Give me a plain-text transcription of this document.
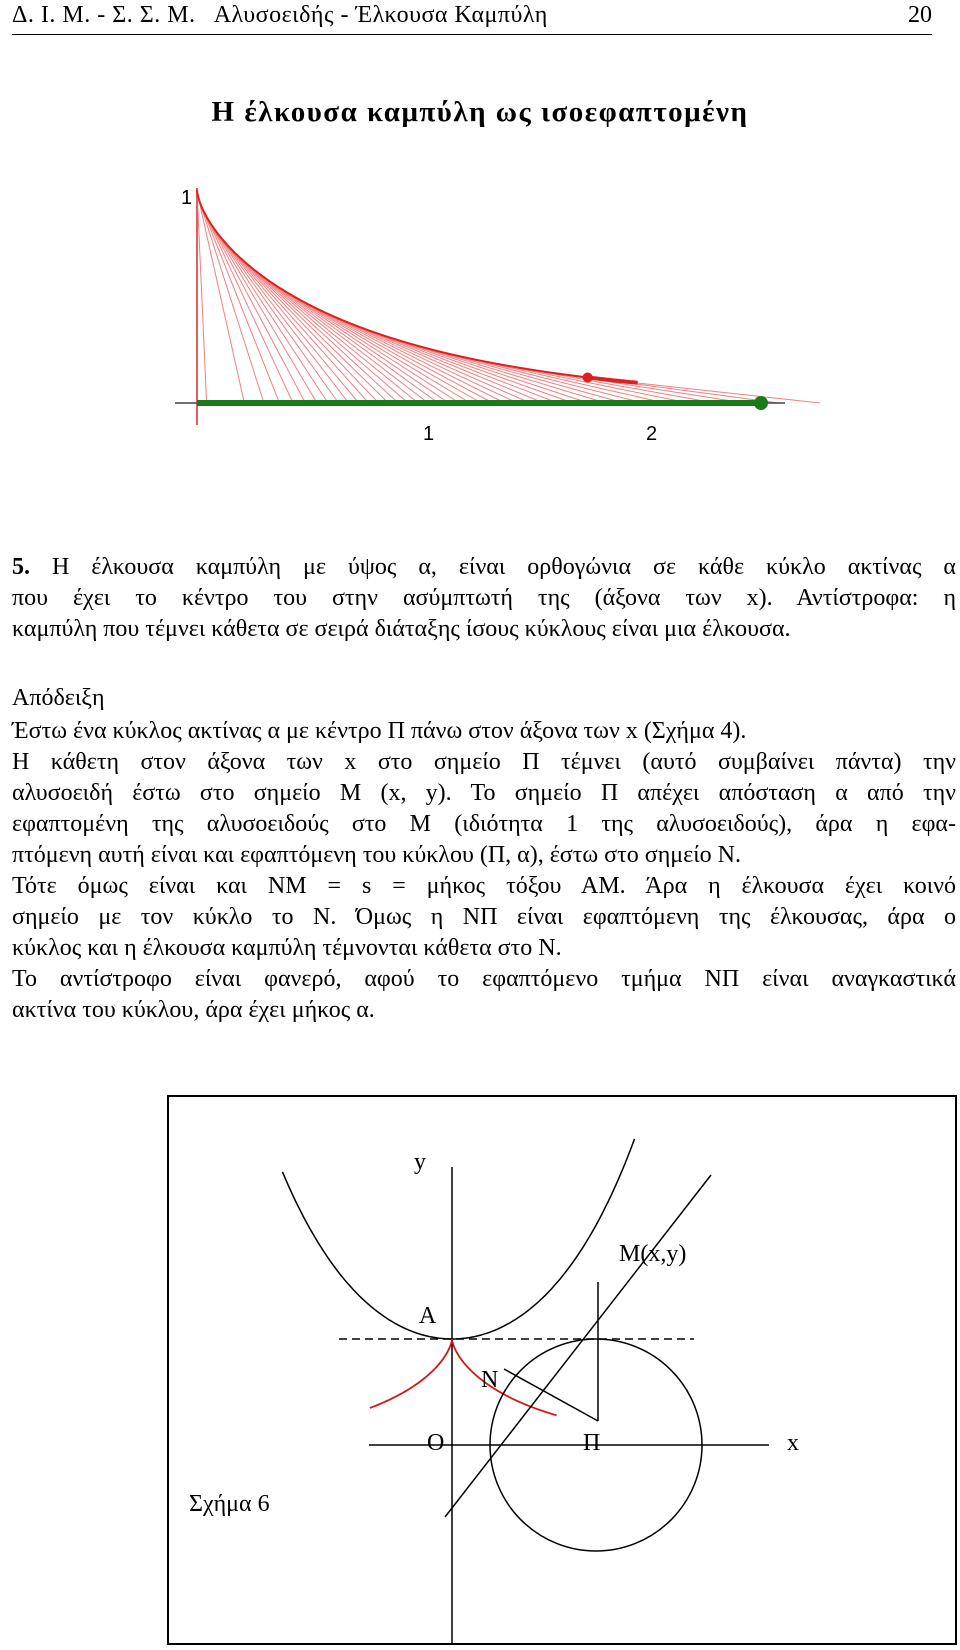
Δ. Ι. Μ. - Σ. Σ. Μ.   Αλυσοειδής - Έλκουσα Καμπύλη	20
Η έλκουσα καμπύλη ως ισοεφαπτομένη
1
1	2

5. Η έλκουσα καμπύλη με ύψος α, είναι ορθογώνια σε κάθε κύκλο ακτίνας α

που έχει το κέντρο του στην ασύμπτωτή της (άξονα των x). Αντίστροφα: η

καμπύλη που τέμνει κάθετα σε σειρά διάταξης ίσους κύκλους είναι μια έλκουσα.

Απόδειξη

Έστω ένα κύκλος ακτίνας α με κέντρο Π πάνω στον άξονα των x (Σχήμα 4).

Η κάθετη στον άξονα των x στο σημείο Π τέμνει (αυτό συμβαίνει πάντα) την

αλυσοειδή έστω στο σημείο Μ (x, y). Το σημείο Π απέχει απόσταση α από την

εφαπτομένη της αλυσοειδούς στο Μ (ιδιότητα 1 της αλυσοειδούς), άρα η εφα-

πτόμενη αυτή είναι και εφαπτόμενη του κύκλου (Π, α), έστω στο σημείο Ν.

Τότε όμως είναι και ΝΜ = s = μήκος τόξου ΑΜ. Άρα η έλκουσα έχει κοινό

σημείο με τον κύκλο το Ν. Όμως η ΝΠ είναι εφαπτόμενη της έλκουσας, άρα ο

κύκλος και η έλκουσα καμπύλη τέμνονται κάθετα στο Ν.

Το αντίστροφο είναι φανερό, αφού το εφαπτόμενο τμήμα ΝΠ είναι αναγκαστικά

ακτίνα του κύκλου, άρα έχει μήκος α.

y
M(x,y)
A
N
O	Π	x
Σχήμα 6
